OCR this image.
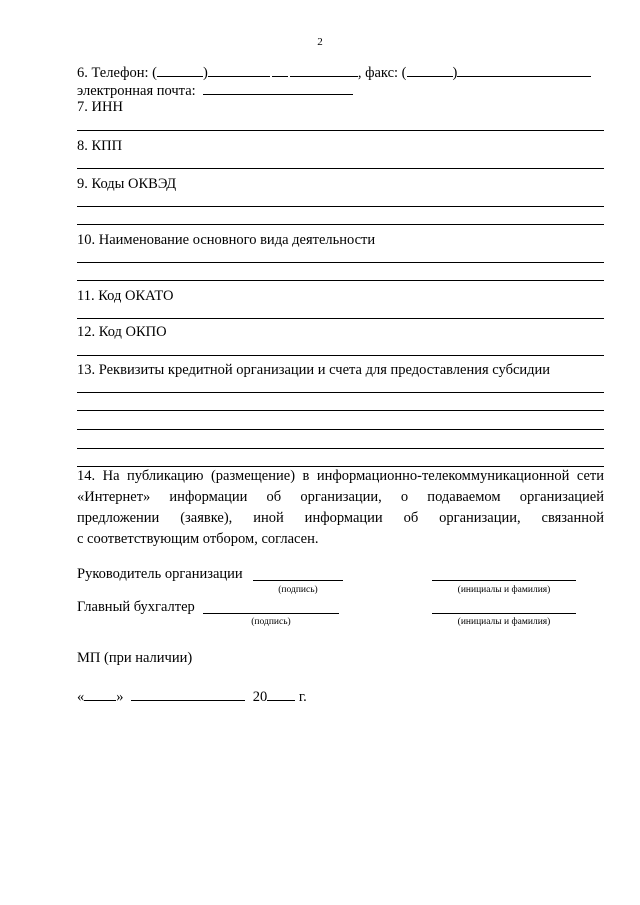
2
6. Телефон: (	)	, факс: (	)
электронная почта:
7. ИНН
8. КПП
9. Коды ОКВЭД
10. Наименование основного вида деятельности
11. Код ОКАТО
12. Код ОКПО
13. Реквизиты кредитной организации и счета для предоставления субсидии
14. На публикацию (размещение) в информационно-телекоммуникационной сети
«Интернет» информации об организации, о подаваемом организацией
предложении (заявке), иной информации об организации, связанной
с соответствующим отбором, согласен.
Руководитель организации
(подпись)	(инициалы и фамилия)
Главный бухгалтер
(подпись)	(инициалы и фамилия)
МП (при наличии)
« »	20 г.
